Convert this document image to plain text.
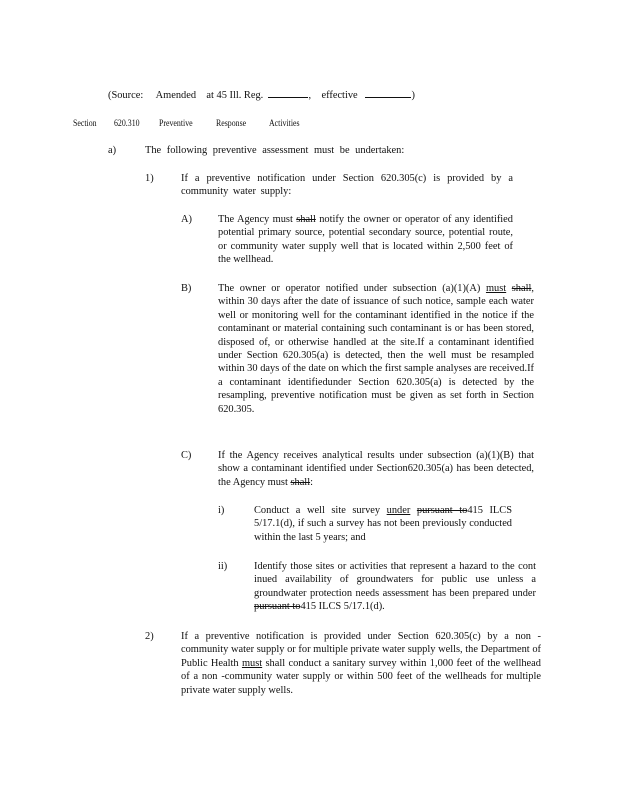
(Source: Amended at 45 Ill. Reg.	,    effective	)
Section 620.310 Preventive Response Activities
a)	The following preventive assessment must be undertaken:
1)	If a preventive notification under Section 620.305(c) is provided by a community water supply:
A)	The Agency must shall notify the owner or operator of any identified potential primary source, potential secondary source, potential route, or community water supply well that is located within 2,500 feet of the wellhead.
B)	The owner or operator notified under subsection (a)(1)(A) must shall, within 30 days after the date of issuance of such notice, sample each water well or monitoring well for the contaminant identified in the notice if the contaminant or material containing such contaminant is or has been stored, disposed of, or otherwise handled at the site.If a contaminant identified under Section 620.305(a) is detected, then the well must be resampled within 30 days of the date on which the first sample analyses are received.If a contaminant identifiedunder Section 620.305(a) is detected by the resampling, preventive notification must be given as set forth in Section 620.305.
C)	If the Agency receives analytical results under subsection (a)(1)(B) that show a contaminant identified under Section620.305(a) has been detected, the Agency must shall:
i)	Conduct a well site survey under pursuant to415 ILCS 5/17.1(d), if such a survey has not been previously conducted within the last 5 years; and
ii)	Identify those sites or activities that represent a hazard to the cont inued availability of groundwaters for public use unless a groundwater protection needs assessment has been prepared under pursuant to415 ILCS 5/17.1(d).
2)	If a preventive notification is provided under Section 620.305(c) by a non - community water supply or for multiple private water supply wells, the Department of Public Health must shall conduct a sanitary survey within 1,000 feet of the wellhead of a non -community water supply or within 500 feet of the wellheads for multiple private water supply wells.
